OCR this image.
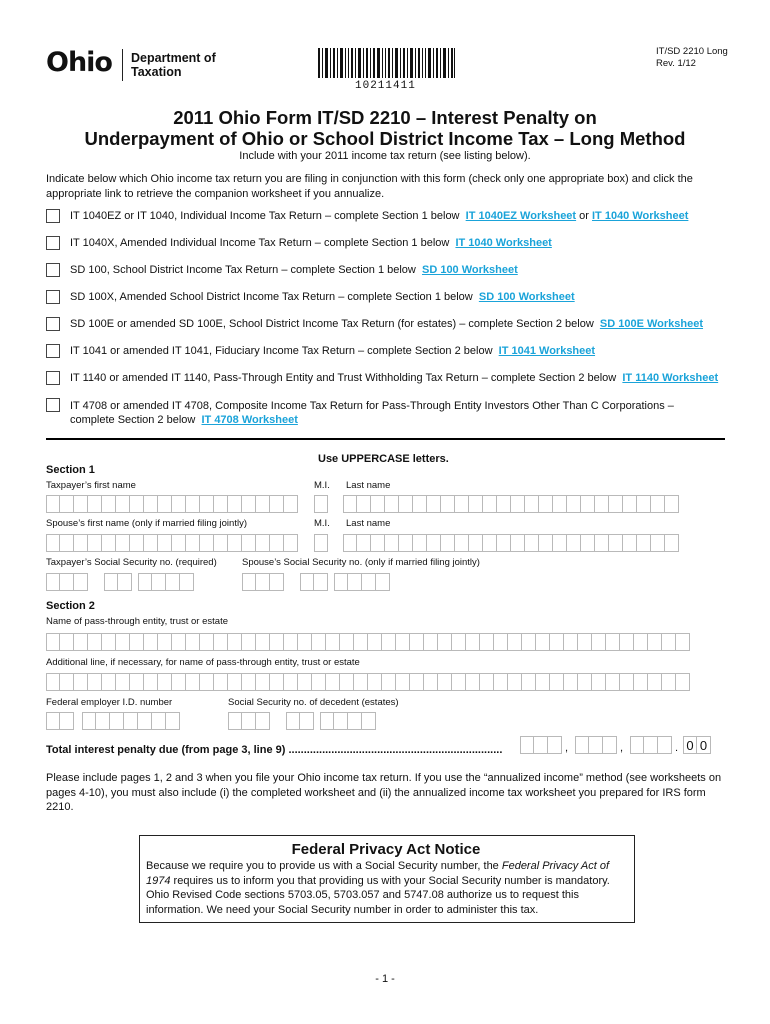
Ohio Department of
Taxation
10211411
IT/SD 2210 Long
Rev. 1/12
2011 Ohio Form IT/SD 2210 – Interest Penalty on
Underpayment of Ohio or School District Income Tax – Long Method
Include with your 2011 income tax return (see listing below).
Indicate below which Ohio income tax return you are filing in conjunction with this form (check only one appropriate box) and click the appropriate link to retrieve the companion worksheet if you annualize.
IT 1040EZ or IT 1040, Individual Income Tax Return – complete Section 1 below IT 1040EZ Worksheet or IT 1040 Worksheet
IT 1040X, Amended Individual Income Tax Return – complete Section 1 below IT 1040 Worksheet
SD 100, School District Income Tax Return – complete Section 1 below SD 100 Worksheet
SD 100X, Amended School District Income Tax Return – complete Section 1 below SD 100 Worksheet
SD 100E or amended SD 100E, School District Income Tax Return (for estates) – complete Section 2 below SD 100E Worksheet
IT 1041 or amended IT 1041, Fiduciary Income Tax Return – complete Section 2 below IT 1041 Worksheet
IT 1140 or amended IT 1140, Pass-Through Entity and Trust Withholding Tax Return – complete Section 2 below IT 1140 Worksheet
IT 4708 or amended IT 4708, Composite Income Tax Return for Pass-Through Entity Investors Other Than C Corporations –
complete Section 2 below IT 4708 Worksheet
Use UPPERCASE letters.
Section 1
Taxpayer’s first name	M.I. Last name
Spouse’s first name (only if married filing jointly)	M.I. Last name
Taxpayer’s Social Security no. (required)	Spouse’s Social Security no. (only if married filing jointly)
Section 2
Name of pass-through entity, trust or estate
Additional line, if necessary, for name of pass-through entity, trust or estate
Federal employer I.D. number	Social Security no. of decedent (estates)
Total interest penalty due (from page 3, line 9) ......................................................................	,	,	. 0 0
Please include pages 1, 2 and 3 when you file your Ohio income tax return. If you use the “annualized income” method (see worksheets on pages 4-10), you must also include (i) the completed worksheet and (ii) the annualized income tax worksheet you prepared for IRS form 2210.
Federal Privacy Act Notice
Because we require you to provide us with a Social Security number, the Federal Privacy Act of 1974 requires us to inform you that providing us with your Social Security number is mandatory. Ohio Revised Code sections 5703.05, 5703.057 and 5747.08 authorize us to request this information. We need your Social Security number in order to administer this tax.
- 1 -
